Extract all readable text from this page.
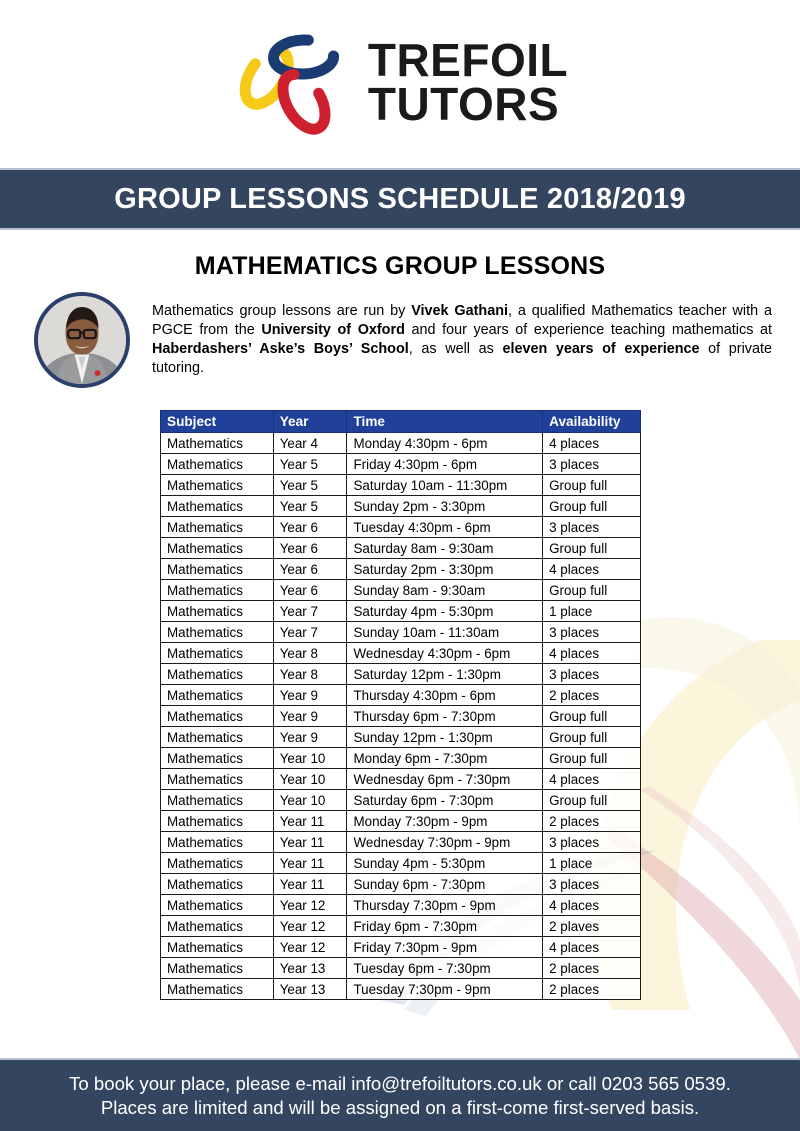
TREFOIL
TUTORS
GROUP LESSONS SCHEDULE 2018/2019
MATHEMATICS GROUP LESSONS
Mathematics group lessons are run by Vivek Gathani, a qualified Mathematics teacher with a PGCE from the University of Oxford and four years of experience teaching mathematics at Haberdashers’ Aske’s Boys’ School, as well as eleven years of experience of private tutoring.
Subject	Year	Time	Availability
Mathematics	Year 4	Monday 4:30pm - 6pm	4 places
Mathematics	Year 5	Friday 4:30pm - 6pm	3 places
Mathematics	Year 5	Saturday 10am - 11:30pm	Group full
Mathematics	Year 5	Sunday 2pm - 3:30pm	Group full
Mathematics	Year 6	Tuesday 4:30pm - 6pm	3 places
Mathematics	Year 6	Saturday 8am - 9:30am	Group full
Mathematics	Year 6	Saturday 2pm - 3:30pm	4 places
Mathematics	Year 6	Sunday 8am - 9:30am	Group full
Mathematics	Year 7	Saturday 4pm - 5:30pm	1 place
Mathematics	Year 7	Sunday 10am - 11:30am	3 places
Mathematics	Year 8	Wednesday 4:30pm - 6pm	4 places
Mathematics	Year 8	Saturday 12pm - 1:30pm	3 places
Mathematics	Year 9	Thursday 4:30pm - 6pm	2 places
Mathematics	Year 9	Thursday 6pm - 7:30pm	Group full
Mathematics	Year 9	Sunday 12pm - 1:30pm	Group full
Mathematics	Year 10	Monday 6pm - 7:30pm	Group full
Mathematics	Year 10	Wednesday 6pm - 7:30pm	4 places
Mathematics	Year 10	Saturday 6pm - 7:30pm	Group full
Mathematics	Year 11	Monday 7:30pm - 9pm	2 places
Mathematics	Year 11	Wednesday 7:30pm - 9pm	3 places
Mathematics	Year 11	Sunday 4pm - 5:30pm	1 place
Mathematics	Year 11	Sunday 6pm - 7:30pm	3 places
Mathematics	Year 12	Thursday 7:30pm - 9pm	4 places
Mathematics	Year 12	Friday 6pm - 7:30pm	2 plaves
Mathematics	Year 12	Friday 7:30pm - 9pm	4 places
Mathematics	Year 13	Tuesday 6pm - 7:30pm	2 places
Mathematics	Year 13	Tuesday 7:30pm - 9pm	2 places
To book your place, please e-mail info@trefoiltutors.co.uk or call 0203 565 0539.
Places are limited and will be assigned on a first-come first-served basis.
